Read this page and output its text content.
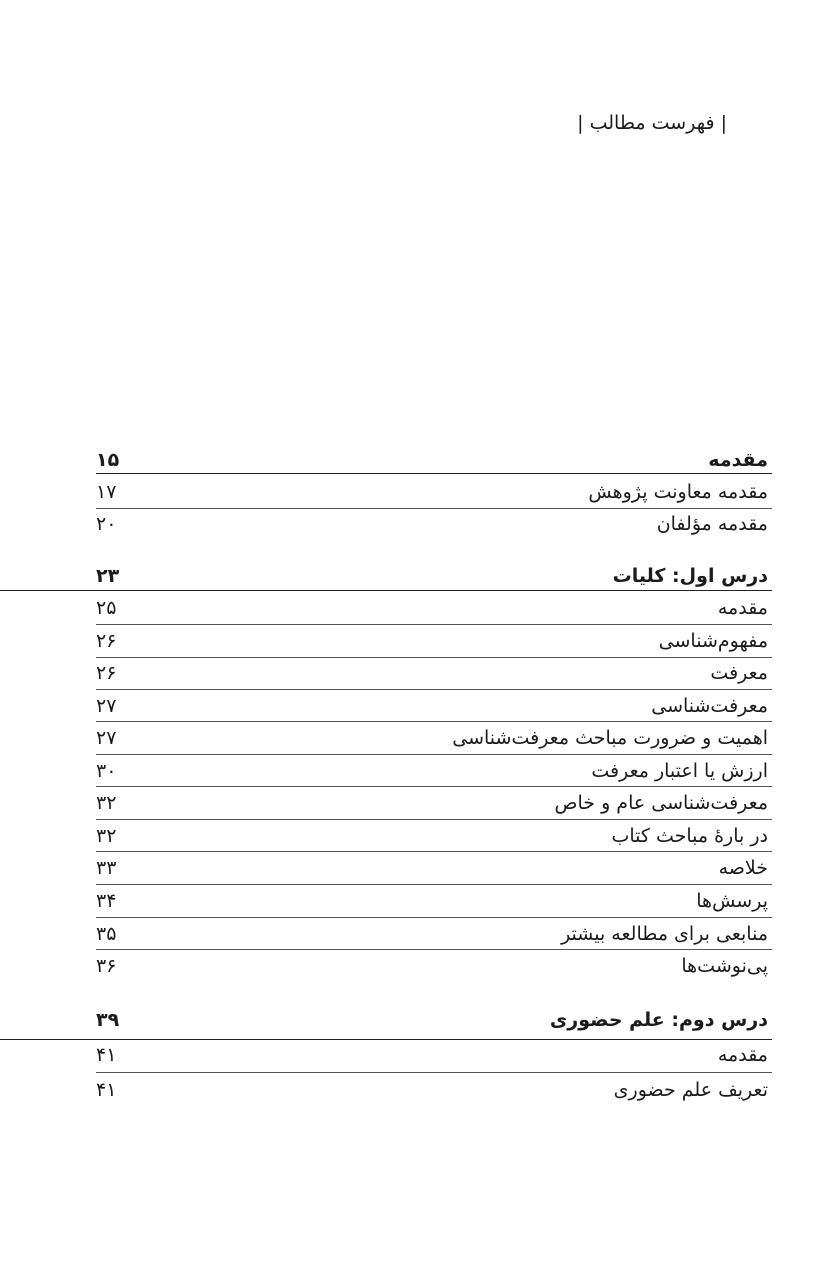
| فهرست مطالب |
مقدمه
۱۵
مقدمه معاونت پژوهش
۱۷
مقدمه مؤلفان
۲۰
درس اول: کلیات
۲۳
مقدمه
۲۵
مفهوم‌شناسی
۲۶
معرفت
۲۶
معرفت‌شناسی
۲۷
اهمیت و ضرورت مباحث معرفت‌شناسی
۲۷
ارزش یا اعتبار معرفت
۳۰
معرفت‌شناسی عام و خاص
۳۲
در بارهٔ مباحث کتاب
۳۲
خلاصه
۳۳
پرسش‌ها
۳۴
منابعی برای مطالعه بیشتر
۳۵
پی‌نوشت‌ها
۳۶
درس دوم: علم حضوری
۳۹
مقدمه
۴۱
تعریف علم حضوری
۴۱
